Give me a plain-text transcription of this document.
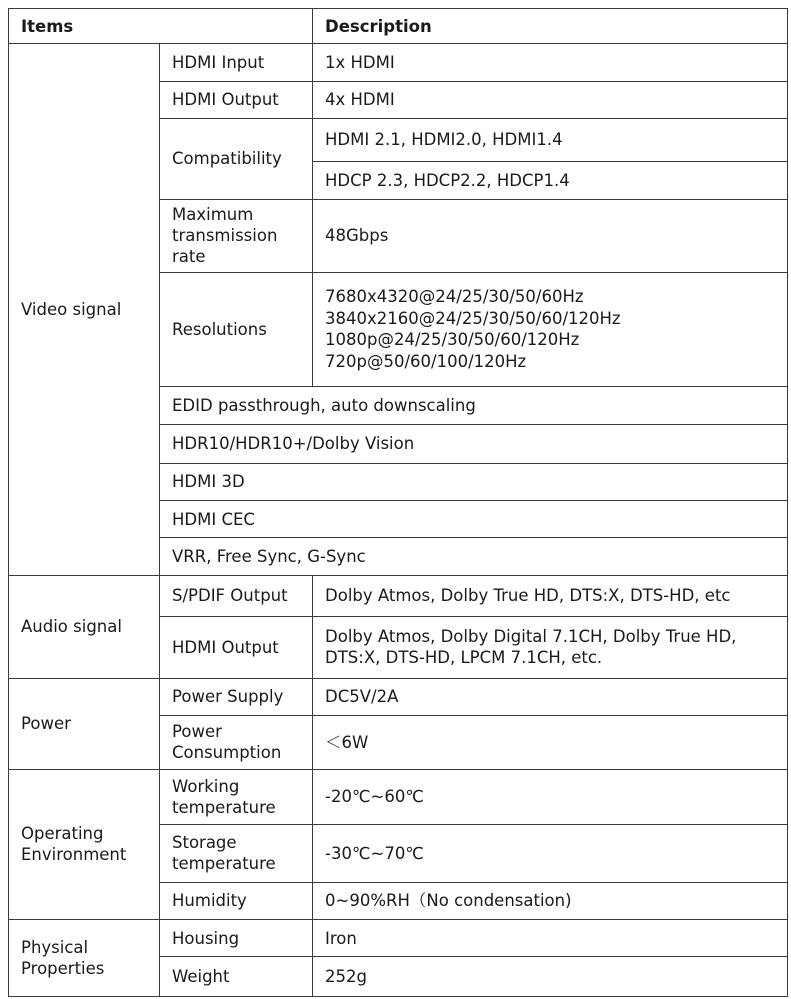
Items		Description
Video signal	HDMI Input	1x HDMI
	HDMI Output	4x HDMI
	Compatibility	HDMI 2.1, HDMI2.0, HDMI1.4
		HDCP 2.3, HDCP2.2, HDCP1.4
	Maximum transmission rate	48Gbps
	Resolutions	7680x4320@24/25/30/50/60Hz
3840x2160@24/25/30/50/60/120Hz
1080p@24/25/30/50/60/120Hz
720p@50/60/100/120Hz

	EDID passthrough, auto downscaling	
	HDR10/HDR10+/Dolby Vision	
	HDMI 3D	
	HDMI CEC	
	VRR, Free Sync, G-Sync	
Audio signal	S/PDIF Output	Dolby Atmos, Dolby True HD, DTS:X, DTS-HD, etc
	HDMI Output	Dolby Atmos, Dolby Digital 7.1CH, Dolby True HD,
DTS:X, DTS-HD, LPCM 7.1CH, etc.

Power	Power Supply	DC5V/2A
	Power Consumption	＜6W
Operating Environment	Working temperature	-20℃~60℃
	Storage temperature	-30℃~70℃
	Humidity	0~90%RH（No condensation)
Physical Properties	Housing	Iron
	Weight	252g
